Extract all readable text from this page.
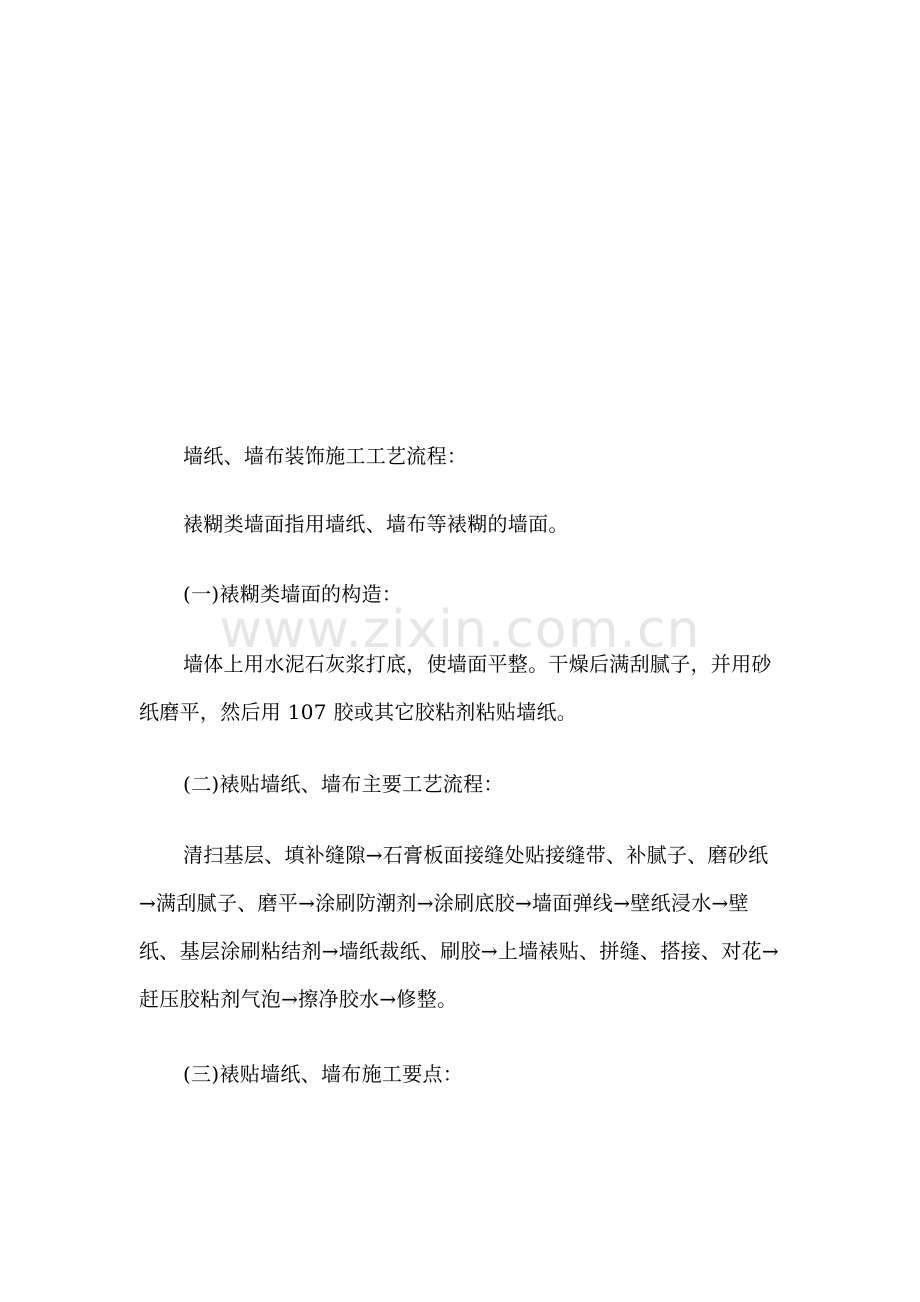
www.zixin.com.cn

墙纸、墙布装饰施工工艺流程：

裱糊类墙面指用墙纸、墙布等裱糊的墙面。

(一)裱糊类墙面的构造：

墙体上用水泥石灰浆打底，使墙面平整。干燥后满刮腻子，并用砂纸磨平，然后用 107 胶或其它胶粘剂粘贴墙纸。

(二)裱贴墙纸、墙布主要工艺流程：

清扫基层、填补缝隙→石膏板面接缝处贴接缝带、补腻子、磨砂纸→满刮腻子、磨平→涂刷防潮剂→涂刷底胶→墙面弹线→壁纸浸水→壁纸、基层涂刷粘结剂→墙纸裁纸、刷胶→上墙裱贴、拼缝、搭接、对花→赶压胶粘剂气泡→擦净胶水→修整。

(三)裱贴墙纸、墙布施工要点：
